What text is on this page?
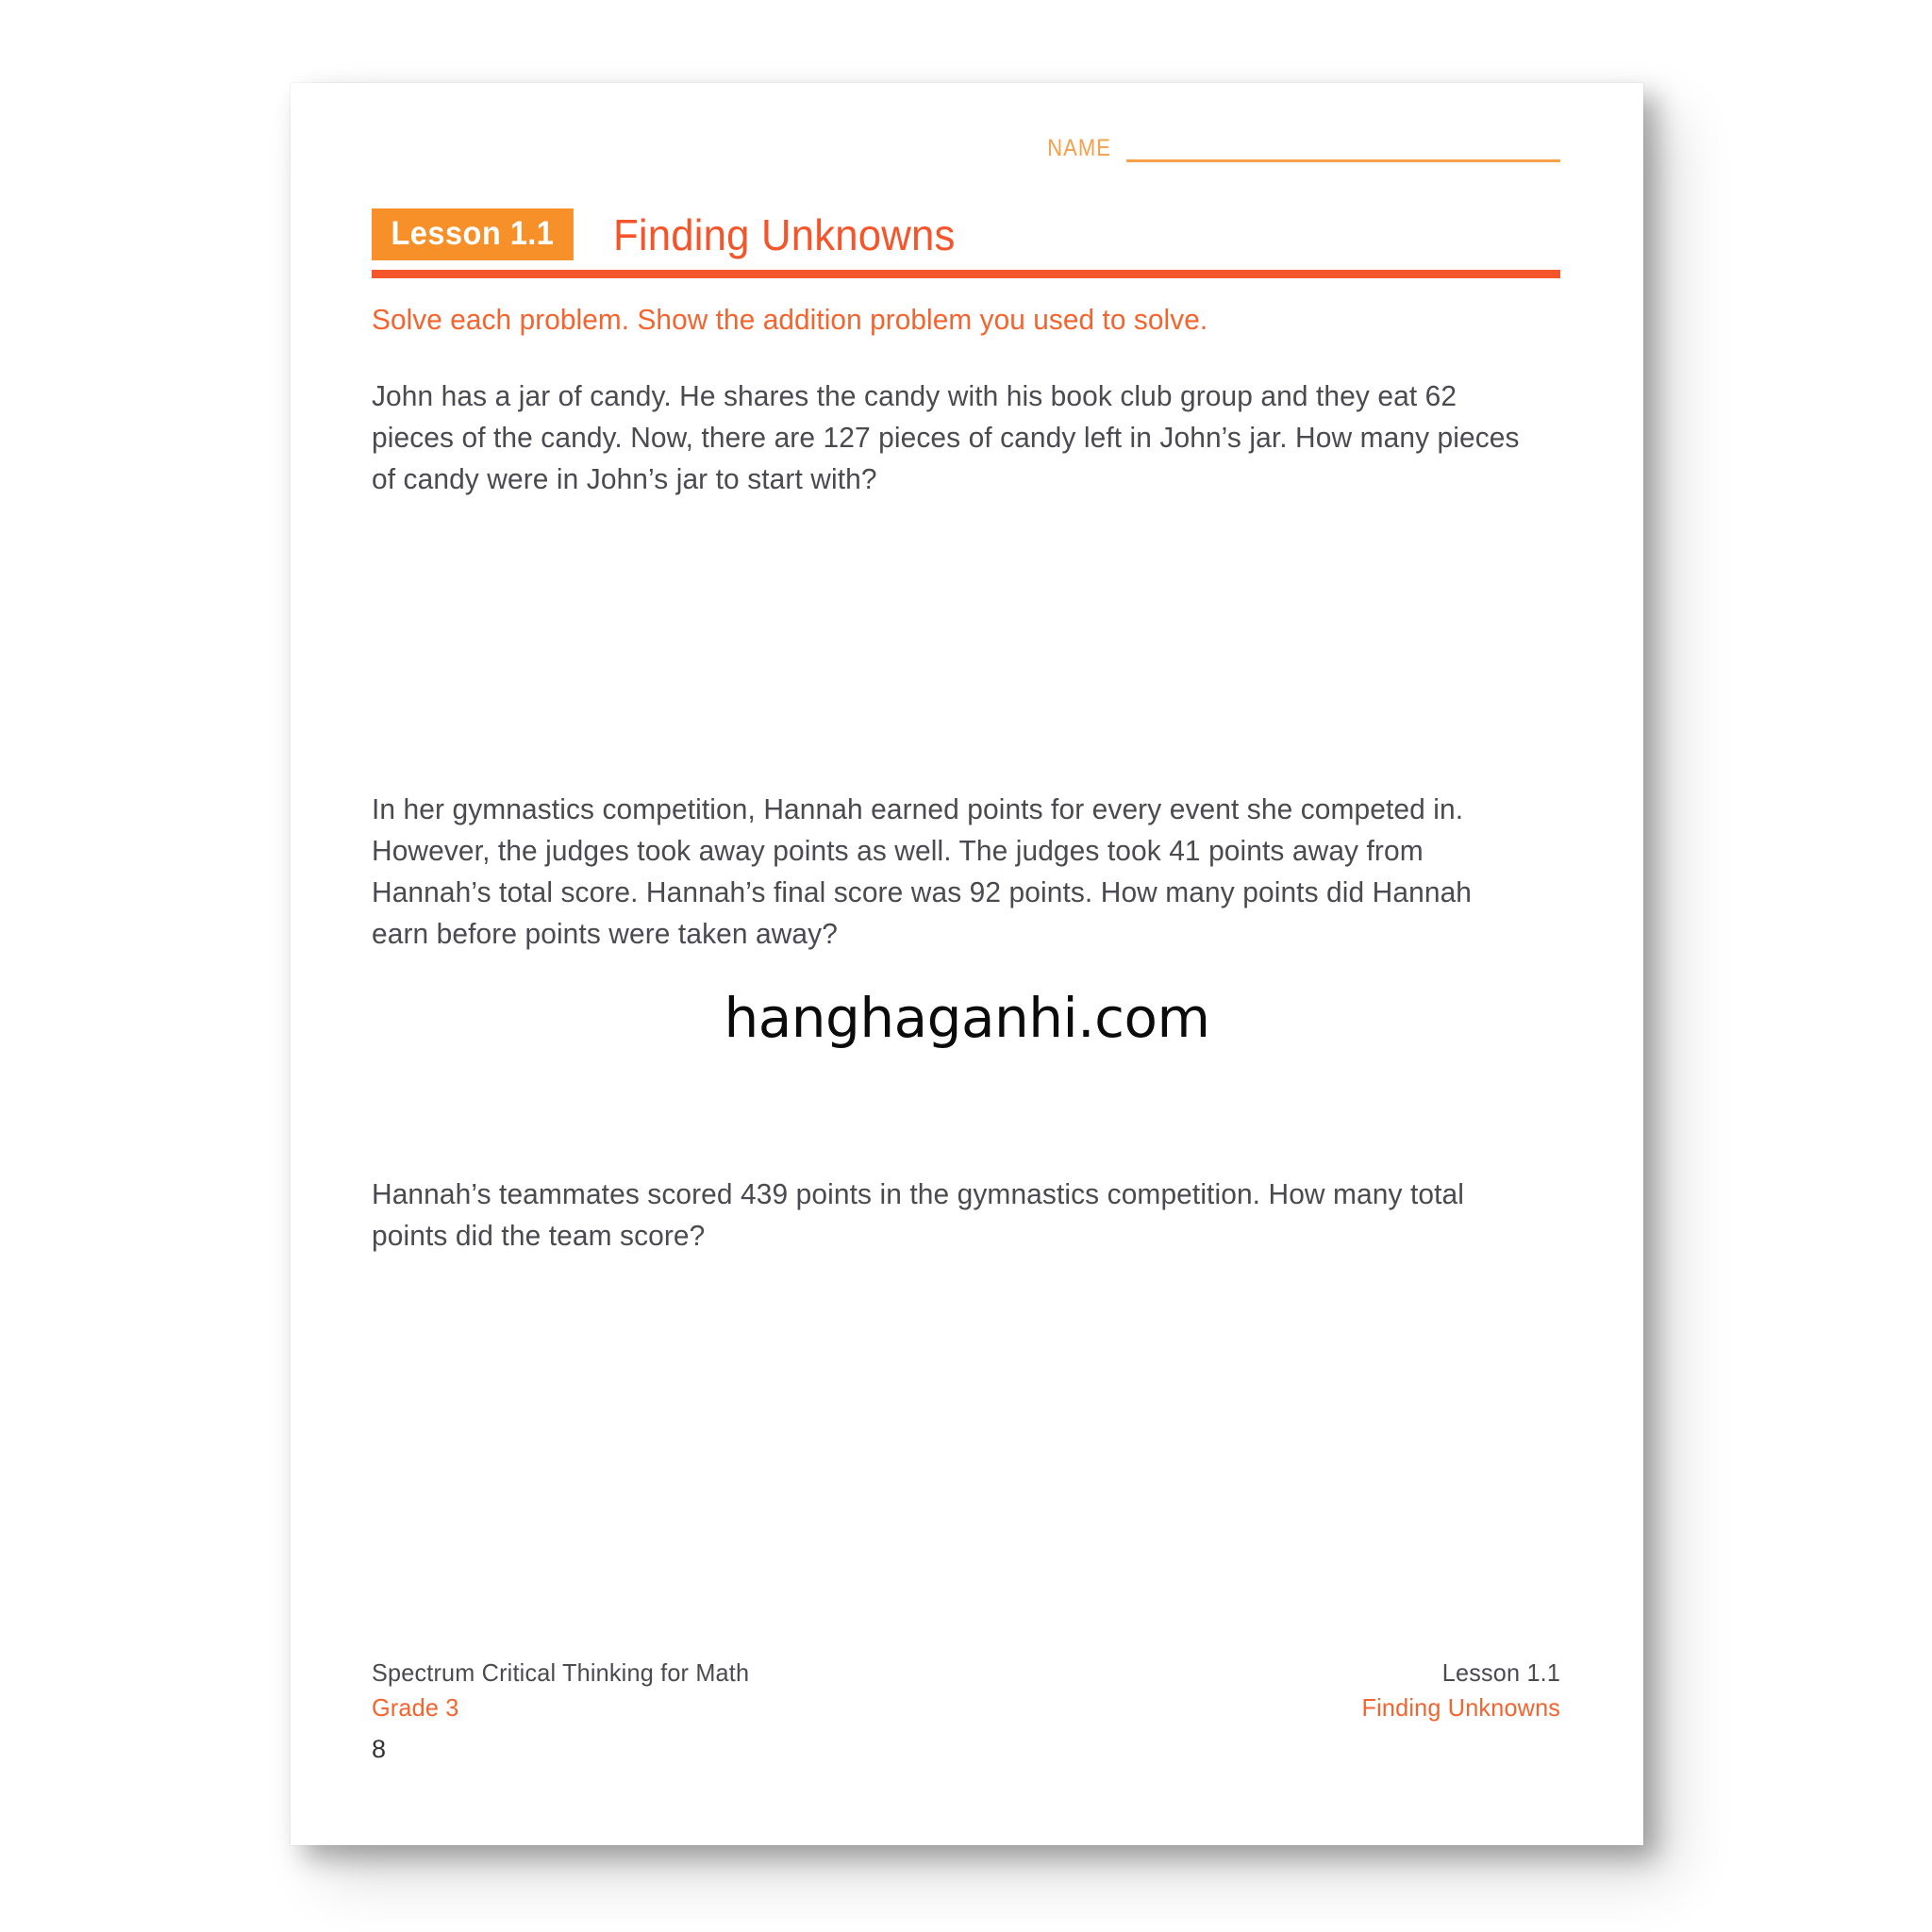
NAME
Lesson 1.1	Finding Unknowns
Solve each problem. Show the addition problem you used to solve.
John has a jar of candy. He shares the candy with his book club group and they eat 62 pieces of the candy. Now, there are 127 pieces of candy left in John’s jar. How many pieces of candy were in John’s jar to start with?
In her gymnastics competition, Hannah earned points for every event she competed in. However, the judges took away points as well. The judges took 41 points away from Hannah’s total score. Hannah’s final score was 92 points. How many points did Hannah earn before points were taken away?
Hannah’s teammates scored 439 points in the gymnastics competition. How many total points did the team score?
hanghaganhi.com
Spectrum Critical Thinking for Math
Grade 3
8
Lesson 1.1
Finding Unknowns
